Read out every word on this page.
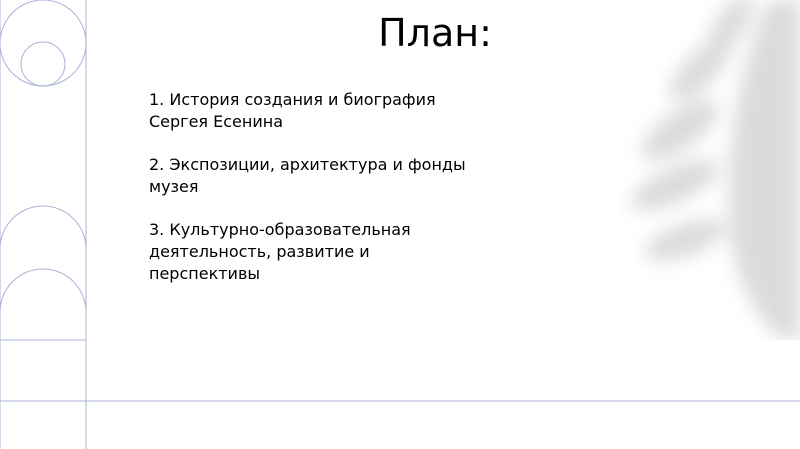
План:
1. История создания и биография Сергея Есенина
2. Экспозиции, архитектура и фонды музея
3. Культурно-образовательная деятельность, развитие и перспективы
